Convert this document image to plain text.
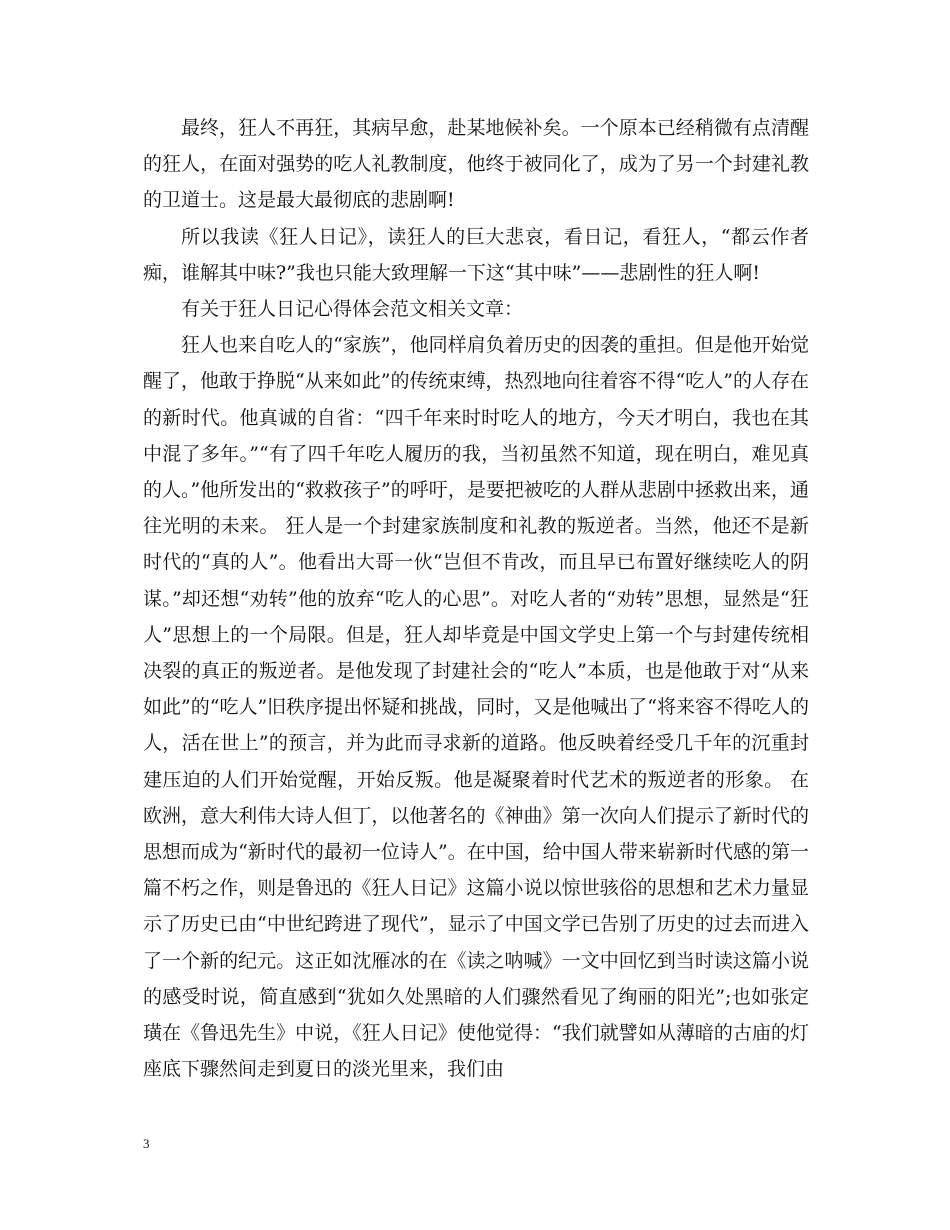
最终，狂人不再狂，其病早愈，赴某地候补矣。一个原本已经稍微有点清醒的狂人，在面对强势的吃人礼教制度，他终于被同化了，成为了另一个封建礼教的卫道士。这是最大最彻底的悲剧啊!

所以我读《狂人日记》，读狂人的巨大悲哀，看日记，看狂人，“都云作者痴，谁解其中味?”我也只能大致理解一下这“其中味”——悲剧性的狂人啊!

有关于狂人日记心得体会范文相关文章：

狂人也来自吃人的“家族”，他同样肩负着历史的因袭的重担。但是他开始觉醒了，他敢于挣脱“从来如此”的传统束缚，热烈地向往着容不得“吃人”的人存在的新时代。他真诚的自省：“四千年来时时吃人的地方，今天才明白，我也在其中混了多年。”“有了四千年吃人履历的我，当初虽然不知道，现在明白，难见真的人。”他所发出的“救救孩子”的呼吁，是要把被吃的人群从悲剧中拯救出来，通往光明的未来。 狂人是一个封建家族制度和礼教的叛逆者。当然，他还不是新时代的“真的人”。他看出大哥一伙“岂但不肯改，而且早已布置好继续吃人的阴谋。”却还想“劝转”他的放弃“吃人的心思”。对吃人者的“劝转”思想，显然是“狂人”思想上的一个局限。但是，狂人却毕竟是中国文学史上第一个与封建传统相决裂的真正的叛逆者。是他发现了封建社会的“吃人”本质，也是他敢于对“从来如此”的“吃人”旧秩序提出怀疑和挑战，同时，又是他喊出了“将来容不得吃人的人，活在世上”的预言，并为此而寻求新的道路。他反映着经受几千年的沉重封建压迫的人们开始觉醒，开始反叛。他是凝聚着时代艺术的叛逆者的形象。 在欧洲，意大利伟大诗人但丁，以他著名的《神曲》第一次向人们提示了新时代的思想而成为“新时代的最初一位诗人”。在中国，给中国人带来崭新时代感的第一篇不朽之作，则是鲁迅的《狂人日记》这篇小说以惊世骇俗的思想和艺术力量显示了历史已由“中世纪跨进了现代”，显示了中国文学已告别了历史的过去而进入了一个新的纪元。这正如沈雁冰的在《读之呐喊》一文中回忆到当时读这篇小说的感受时说，简直感到“犹如久处黑暗的人们骤然看见了绚丽的阳光”;也如张定璜在《鲁迅先生》中说，《狂人日记》使他觉得：“我们就譬如从薄暗的古庙的灯座底下骤然间走到夏日的淡光里来，我们由

3
